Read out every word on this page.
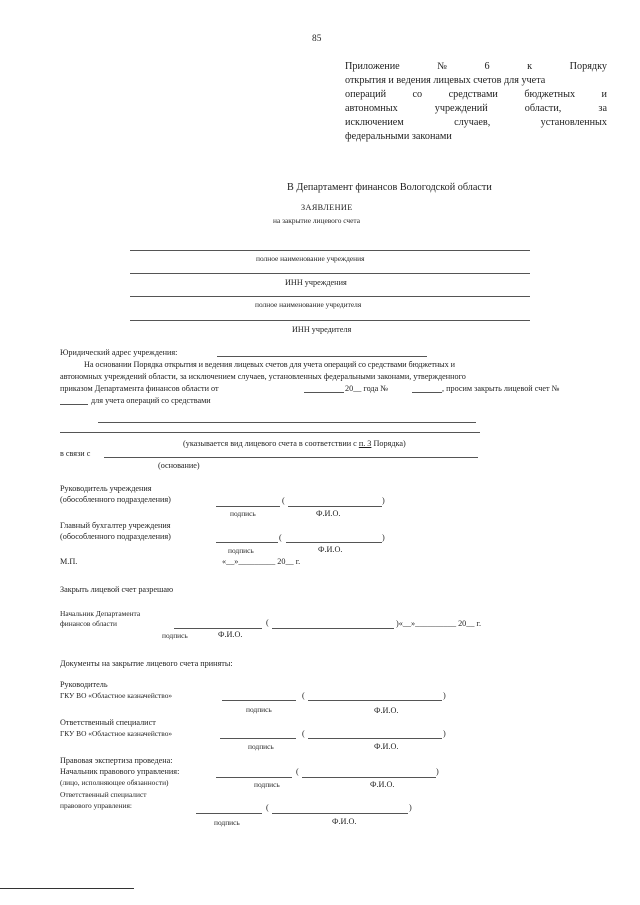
85
Приложение	№	6	к	Порядку
открытия и ведения лицевых счетов для учета
операций	со	средствами	бюджетных	и
автономных	учреждений	области,	за
исключением	случаев,	установленных
федеральными законами
В Департамент финансов Вологодской области
ЗАЯВЛЕНИЕ
на закрытие лицевого счета
полное наименование учреждения
ИНН учреждения
полное наименование учредителя
ИНН учредителя
Юридический адрес учреждения:
На основании Порядка открытия и ведения лицевых счетов для учета операций со средствами бюджетных и
автономных учреждений области, за исключением случаев, установленных федеральными законами, утвержденного
приказом Департамента финансов области от	20__ года №	, просим закрыть лицевой счет №
для учета операций со средствами
(указывается вид лицевого счета в соответствии с п. 3 Порядка)
в связи с
(основание)
Руководитель учреждения
(обособленного подразделения)	(	)
подпись	Ф.И.О.
Главный бухгалтер учреждения
(обособленного подразделения)	(	)
подпись	Ф.И.О.
М.П.	«__»_________ 20__ г.
Закрыть лицевой счет разрешаю
Начальник Департамента
финансов области	(	)«__»__________ 20__ г.
подпись	Ф.И.О.
Документы на закрытие лицевого счета приняты:
Руководитель
ГКУ ВО «Областное казначейство»	(	)
подпись	Ф.И.О.
Ответственный специалист
ГКУ ВО «Областное казначейство»	(	)
подпись	Ф.И.О.
Правовая экспертиза проведена:
Начальник правового управления:
(лицо, исполняющее обязанности)
(	)
подпись	Ф.И.О.
Ответственный специалист
правового управления:	(	)
подпись	Ф.И.О.
